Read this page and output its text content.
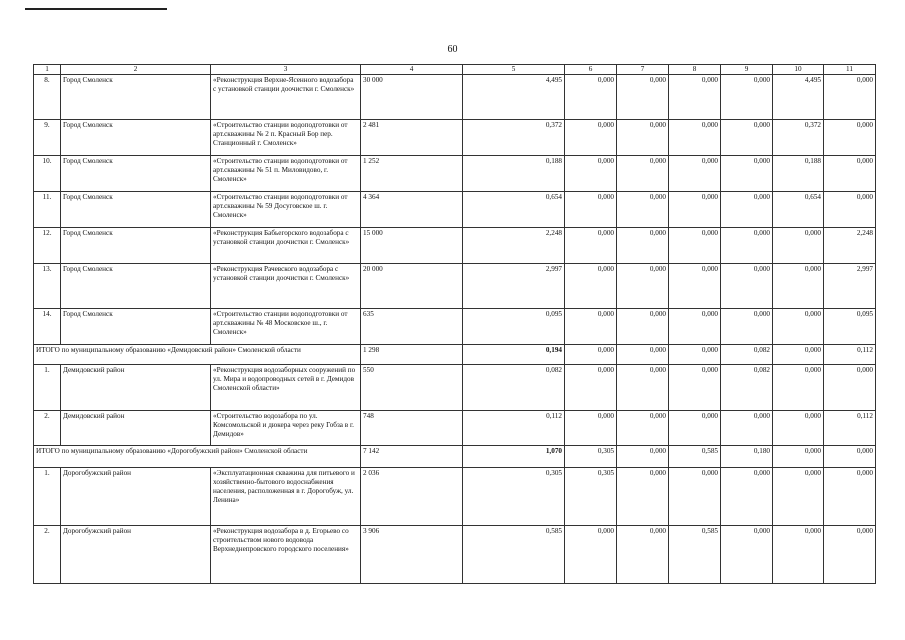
60
1	2	3	4	5	6	7	8	9	10	11
8.	Город Смоленск	«Реконструкция Верхне-Ясенного водозабора с установкой станции доочистки г. Смоленск»	30 000	4,495	0,000	0,000	0,000	0,000	4,495	0,000
9.	Город Смоленск	«Строительство станции водоподготовки от арт.скважины № 2 п. Красный Бор пер. Станционный г. Смоленск»	2 481	0,372	0,000	0,000	0,000	0,000	0,372	0,000
10.	Город Смоленск	«Строительство станции водоподготовки от арт.скважины № 51 п. Миловидово, г. Смоленск»	1 252	0,188	0,000	0,000	0,000	0,000	0,188	0,000
11.	Город Смоленск	«Строительство станции водоподготовки от арт.скважины № 59 Досуговское ш. г. Смоленск»	4 364	0,654	0,000	0,000	0,000	0,000	0,654	0,000
12.	Город Смоленск	«Реконструкция Бабьегорского водозабора с установкой станции доочистки г. Смоленск»	15 000	2,248	0,000	0,000	0,000	0,000	0,000	2,248
13.	Город Смоленск	«Реконструкция Рачевского водозабора с установкой станции доочистки г. Смоленск»	20 000	2,997	0,000	0,000	0,000	0,000	0,000	2,997
14.	Город Смоленск	«Строительство станции водоподготовки от арт.скважины № 48 Московское ш., г. Смоленск»	635	0,095	0,000	0,000	0,000	0,000	0,000	0,095
ИТОГО по муниципальному образованию «Демидовский район» Смоленской области			1 298	0,194	0,000	0,000	0,000	0,082	0,000	0,112
1.	Демидовский район	«Реконструкция водозаборных сооружений по ул. Мира и водопроводных сетей в г. Демидов Смоленской области»	550	0,082	0,000	0,000	0,000	0,082	0,000	0,000
2.	Демидовский район	«Строительство водозабора по ул. Комсомольской и дюкера через реку Гобза в г. Демидов»	748	0,112	0,000	0,000	0,000	0,000	0,000	0,112
ИТОГО по муниципальному образованию «Дорогобужский район» Смоленской области			7 142	1,070	0,305	0,000	0,585	0,180	0,000	0,000
1.	Дорогобужский район	«Эксплуатационная скважина для питьевого и хозяйственно-бытового водоснабжения населения, расположенная в г. Дорогобуж, ул. Ленина»	2 036	0,305	0,305	0,000	0,000	0,000	0,000	0,000
2.	Дорогобужский район	«Реконструкция водозабора в д. Егорьево со строительством нового водовода Верхнеднепровского городского поселения»	3 906	0,585	0,000	0,000	0,585	0,000	0,000	0,000
